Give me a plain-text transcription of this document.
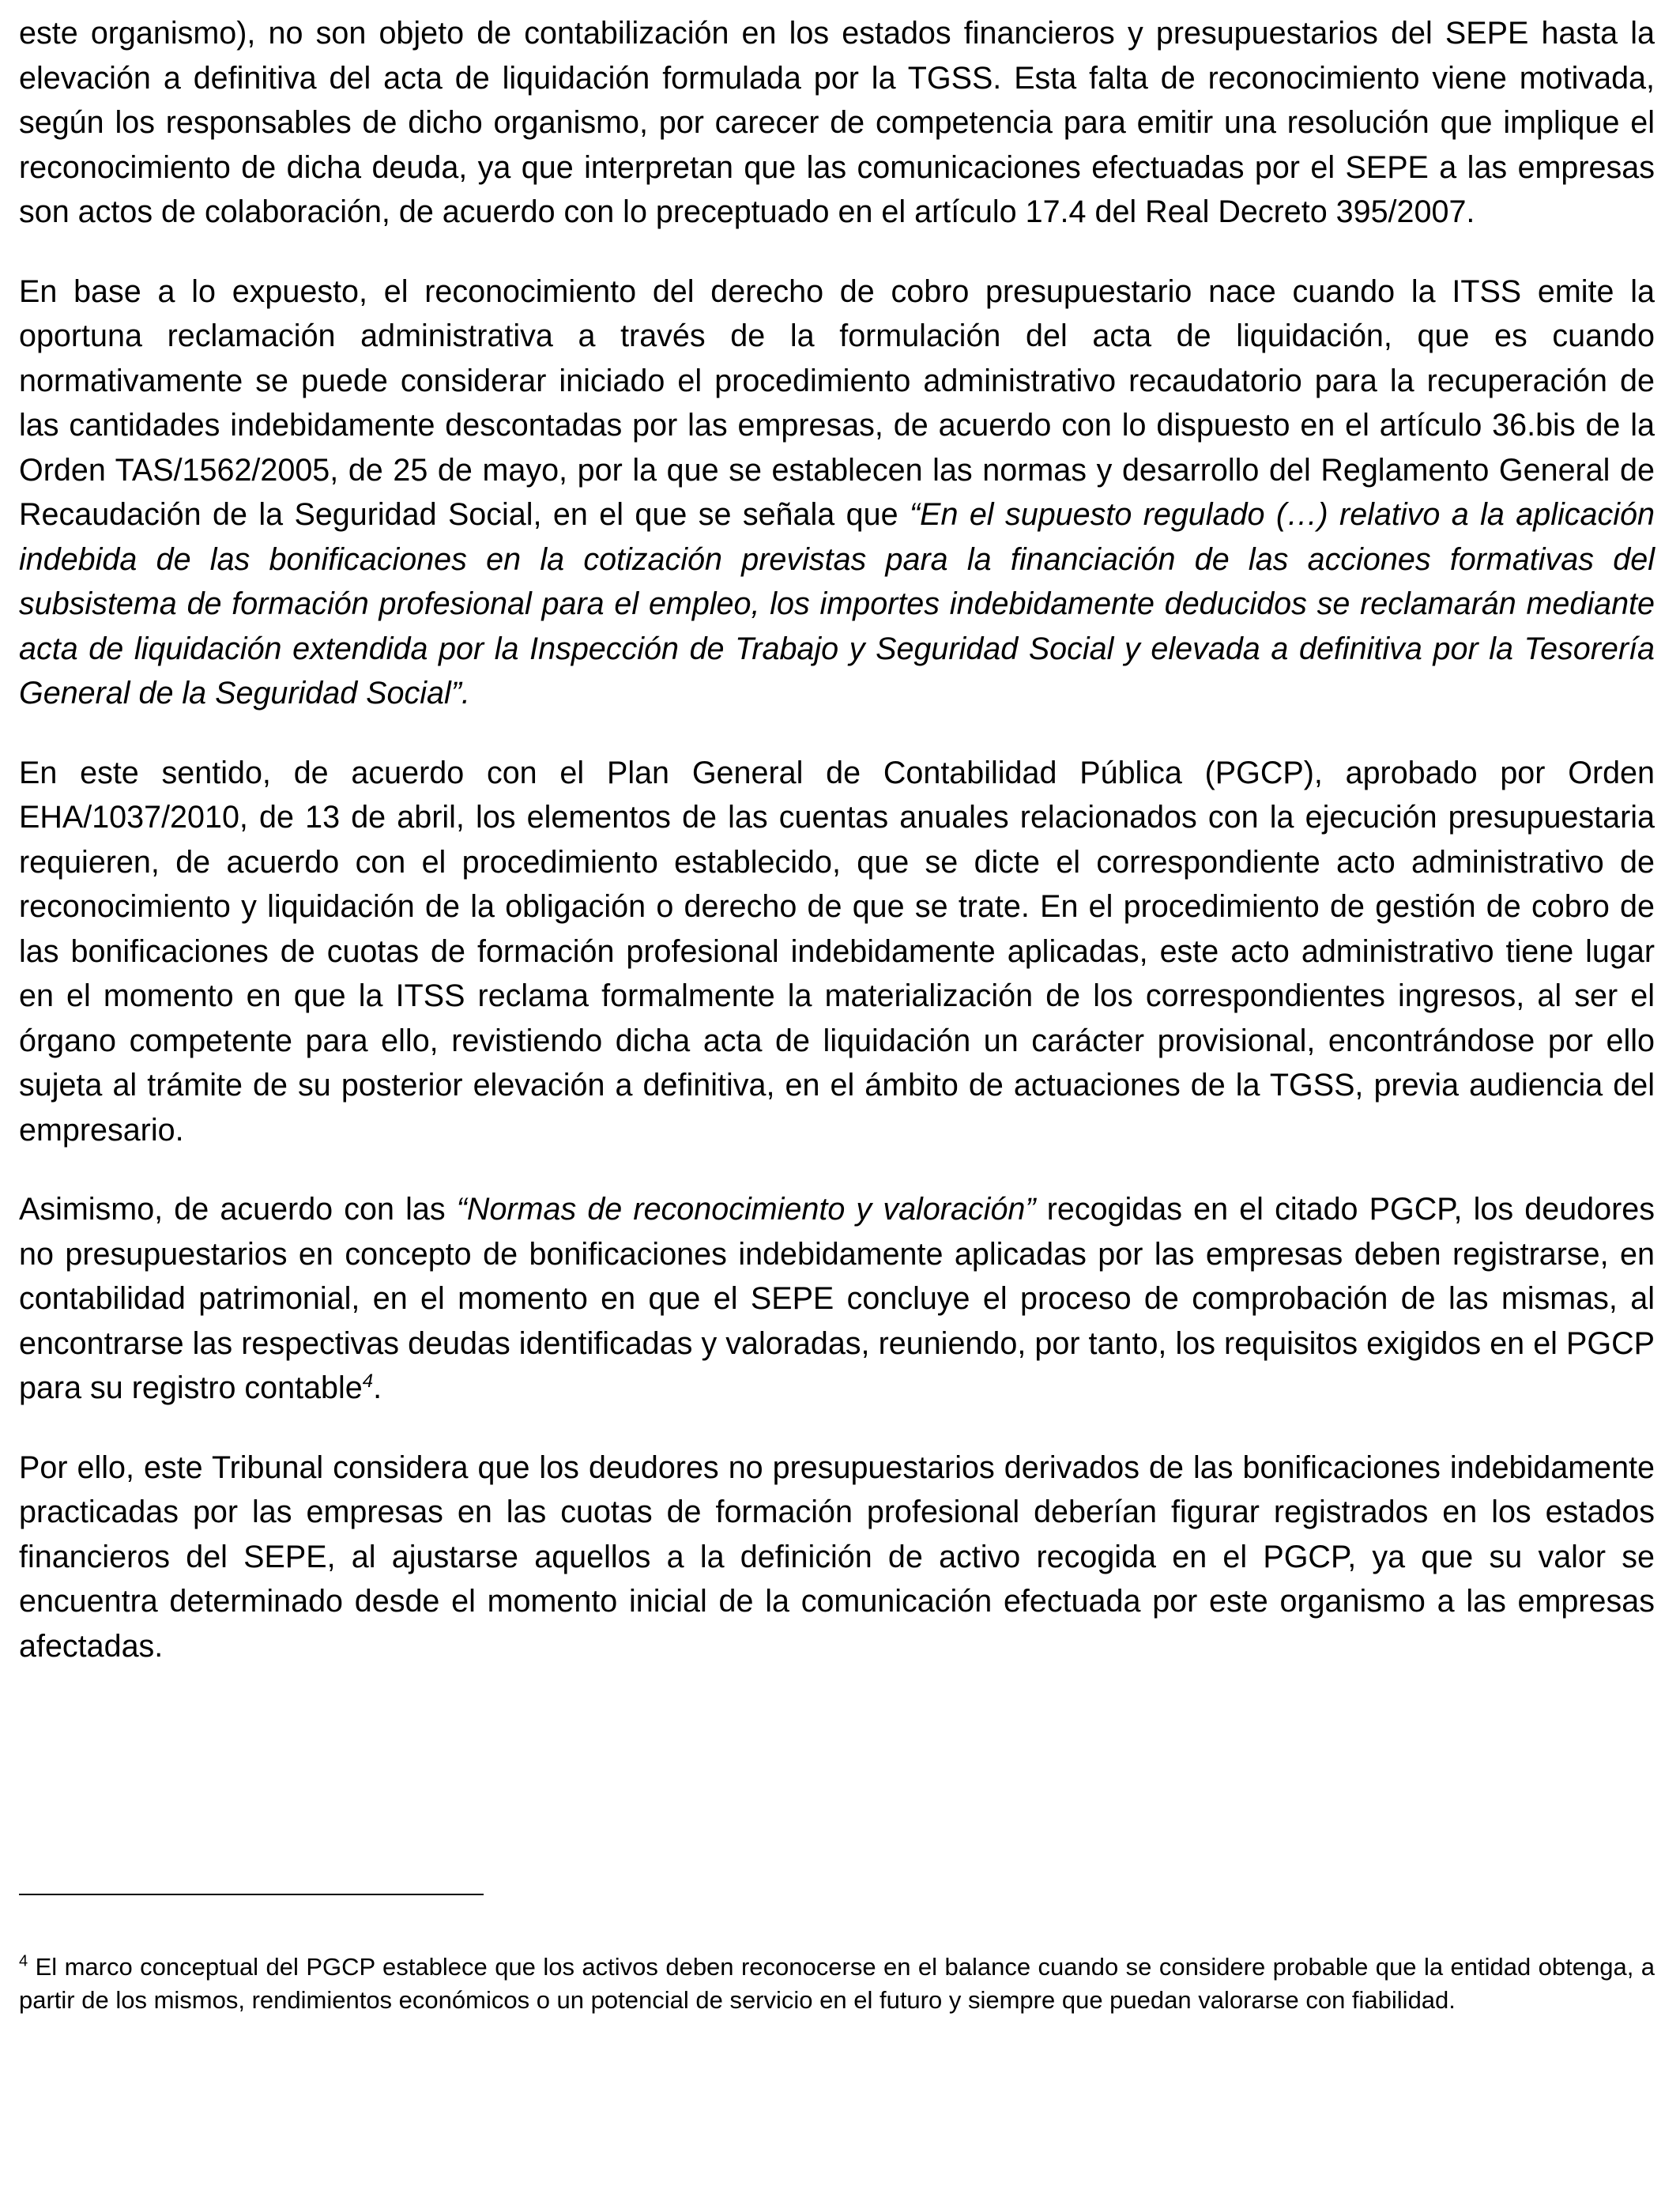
este organismo), no son objeto de contabilización en los estados financieros y presupuestarios del SEPE hasta la elevación a definitiva del acta de liquidación formulada por la TGSS. Esta falta de reconocimiento viene motivada, según los responsables de dicho organismo, por carecer de competencia para emitir una resolución que implique el reconocimiento de dicha deuda, ya que interpretan que las comunicaciones efectuadas por el SEPE a las empresas son actos de colaboración, de acuerdo con lo preceptuado en el artículo 17.4 del Real Decreto 395/2007.

En base a lo expuesto, el reconocimiento del derecho de cobro presupuestario nace cuando la ITSS emite la oportuna reclamación administrativa a través de la formulación del acta de liquidación, que es cuando normativamente se puede considerar iniciado el procedimiento administrativo recaudatorio para la recuperación de las cantidades indebidamente descontadas por las empresas, de acuerdo con lo dispuesto en el artículo 36.bis de la Orden TAS/1562/2005, de 25 de mayo, por la que se establecen las normas y desarrollo del Reglamento General de Recaudación de la Seguridad Social, en el que se señala que “En el supuesto regulado (…) relativo a la aplicación indebida de las bonificaciones en la cotización previstas para la financiación de las acciones formativas del subsistema de formación profesional para el empleo, los importes indebidamente deducidos se reclamarán mediante acta de liquidación extendida por la Inspección de Trabajo y Seguridad Social y elevada a definitiva por la Tesorería General de la Seguridad Social”.

En este sentido, de acuerdo con el Plan General de Contabilidad Pública (PGCP), aprobado por Orden EHA/1037/2010, de 13 de abril, los elementos de las cuentas anuales relacionados con la ejecución presupuestaria requieren, de acuerdo con el procedimiento establecido, que se dicte el correspondiente acto administrativo de reconocimiento y liquidación de la obligación o derecho de que se trate. En el procedimiento de gestión de cobro de las bonificaciones de cuotas de formación profesional indebidamente aplicadas, este acto administrativo tiene lugar en el momento en que la ITSS reclama formalmente la materialización de los correspondientes ingresos, al ser el órgano competente para ello, revistiendo dicha acta de liquidación un carácter provisional, encontrándose por ello sujeta al trámite de su posterior elevación a definitiva, en el ámbito de actuaciones de la TGSS, previa audiencia del empresario.

Asimismo, de acuerdo con las “Normas de reconocimiento y valoración” recogidas en el citado PGCP, los deudores no presupuestarios en concepto de bonificaciones indebidamente aplicadas por las empresas deben registrarse, en contabilidad patrimonial, en el momento en que el SEPE concluye el proceso de comprobación de las mismas, al encontrarse las respectivas deudas identificadas y valoradas, reuniendo, por tanto, los requisitos exigidos en el PGCP para su registro contable$^4$.

Por ello, este Tribunal considera que los deudores no presupuestarios derivados de las bonificaciones indebidamente practicadas por las empresas en las cuotas de formación profesional deberían figurar registrados en los estados financieros del SEPE, al ajustarse aquellos a la definición de activo recogida en el PGCP, ya que su valor se encuentra determinado desde el momento inicial de la comunicación efectuada por este organismo a las empresas afectadas.

$^4$ El marco conceptual del PGCP establece que los activos deben reconocerse en el balance cuando se considere probable que la entidad obtenga, a partir de los mismos, rendimientos económicos o un potencial de servicio en el futuro y siempre que puedan valorarse con fiabilidad.
